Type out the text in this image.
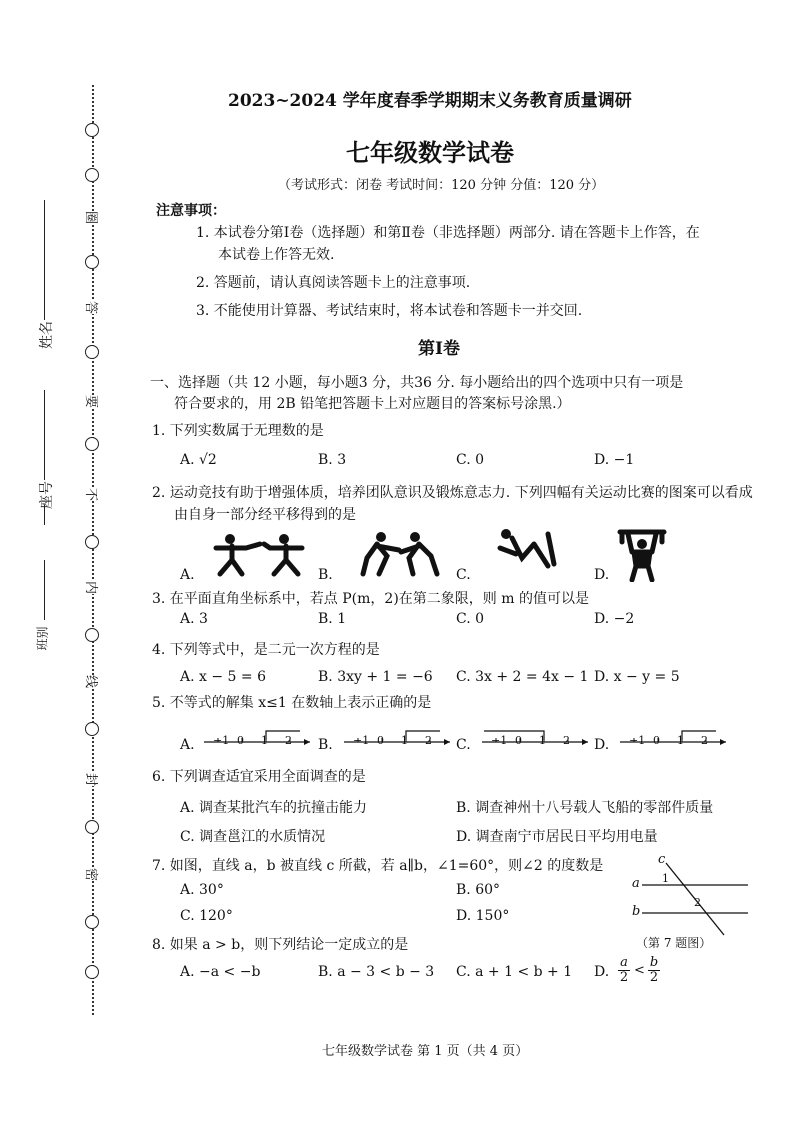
圈
答
要
不
内
线
封
密
姓名
座号
班别
2023~2024 学年度春季学期期末义务教育质量调研
七年级数学试卷
（考试形式：闭卷 考试时间：120 分钟 分值：120 分）
注意事项：
1. 本试卷分第Ⅰ卷（选择题）和第Ⅱ卷（非选择题）两部分. 请在答题卡上作答，在
本试卷上作答无效.
2. 答题前，请认真阅读答题卡上的注意事项.
3. 不能使用计算器、考试结束时，将本试卷和答题卡一并交回.
第Ⅰ卷
一、选择题（共 12 小题，每小题3 分，共36 分. 每小题给出的四个选项中只有一项是
符合要求的，用 2B 铅笔把答题卡上对应题目的答案标号涂黑.）
1. 下列实数属于无理数的是
A. √2	B. 3	C. 0	D. −1
2. 运动竞技有助于增强体质，培养团队意识及锻炼意志力. 下列四幅有关运动比赛的图案可以看成
由自身一部分经平移得到的是
A.	B.	C.	D.
3. 在平面直角坐标系中，若点 P(m，2)在第二象限，则 m 的值可以是
A. 3	B. 1	C. 0	D. −2
4. 下列等式中，是二元一次方程的是
A. x − 5 = 6	B. 3xy + 1 = −6 C. 3x + 2 = 4x − 1 D. x − y = 5
5. 不等式的解集 x≤1 在数轴上表示正确的是
A.	B.	C.	D.
−1 0 1 2	−1 0 1 2	−1 0 1 2	−1 0 1 2
6. 下列调查适宜采用全面调查的是
A. 调查某批汽车的抗撞击能力	B. 调查神州十八号载人飞船的零部件质量
C. 调查邕江的水质情况	D. 调查南宁市居民日平均用电量
7. 如图，直线 a，b 被直线 c 所截，若 a∥b，∠1=60°，则∠2 的度数是
A. 30°	B. 60°
C. 120°	D. 150°
c
a
b
1
2
（第 7 题图）
8. 如果 a > b，则下列结论一定成立的是
A. −a < −b	B. a − 3 < b − 3 C. a + 1 < b + 1 D. $\frac{a}{2} < \frac{b}{2}$
七年级数学试卷 第 1 页（共 4 页）
